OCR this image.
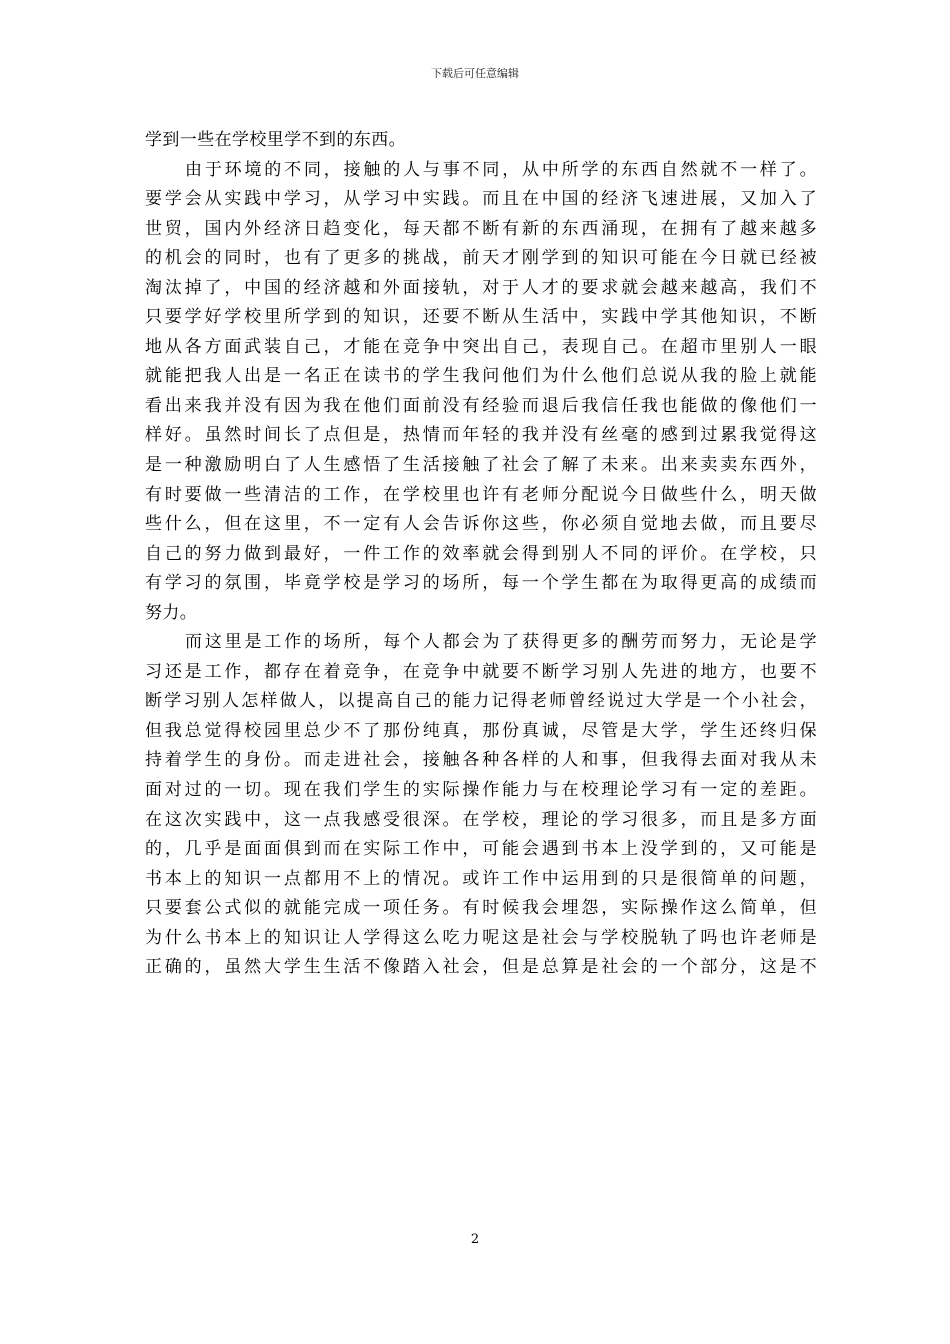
下载后可任意编辑
学到一些在学校里学不到的东西。
由于环境的不同，接触的人与事不同，从中所学的东西自然就不一样了。
要学会从实践中学习，从学习中实践。而且在中国的经济飞速进展，又加入了
世贸，国内外经济日趋变化，每天都不断有新的东西涌现，在拥有了越来越多
的机会的同时，也有了更多的挑战，前天才刚学到的知识可能在今日就已经被
淘汰掉了，中国的经济越和外面接轨，对于人才的要求就会越来越高，我们不
只要学好学校里所学到的知识，还要不断从生活中，实践中学其他知识，不断
地从各方面武装自己，才能在竞争中突出自己，表现自己。在超市里别人一眼
就能把我人出是一名正在读书的学生我问他们为什么他们总说从我的脸上就能
看出来我并没有因为我在他们面前没有经验而退后我信任我也能做的像他们一
样好。虽然时间长了点但是，热情而年轻的我并没有丝毫的感到过累我觉得这
是一种激励明白了人生感悟了生活接触了社会了解了未来。出来卖卖东西外，
有时要做一些清洁的工作，在学校里也许有老师分配说今日做些什么，明天做
些什么，但在这里，不一定有人会告诉你这些，你必须自觉地去做，而且要尽
自己的努力做到最好，一件工作的效率就会得到别人不同的评价。在学校，只
有学习的氛围，毕竟学校是学习的场所，每一个学生都在为取得更高的成绩而
努力。
而这里是工作的场所，每个人都会为了获得更多的酬劳而努力，无论是学
习还是工作，都存在着竞争，在竞争中就要不断学习别人先进的地方，也要不
断学习别人怎样做人，以提高自己的能力记得老师曾经说过大学是一个小社会，
但我总觉得校园里总少不了那份纯真，那份真诚，尽管是大学，学生还终归保
持着学生的身份。而走进社会，接触各种各样的人和事，但我得去面对我从未
面对过的一切。现在我们学生的实际操作能力与在校理论学习有一定的差距。
在这次实践中，这一点我感受很深。在学校，理论的学习很多，而且是多方面
的，几乎是面面俱到而在实际工作中，可能会遇到书本上没学到的，又可能是
书本上的知识一点都用不上的情况。或许工作中运用到的只是很简单的问题，
只要套公式似的就能完成一项任务。有时候我会埋怨，实际操作这么简单，但
为什么书本上的知识让人学得这么吃力呢这是社会与学校脱轨了吗也许老师是
正确的，虽然大学生生活不像踏入社会，但是总算是社会的一个部分，这是不
2
